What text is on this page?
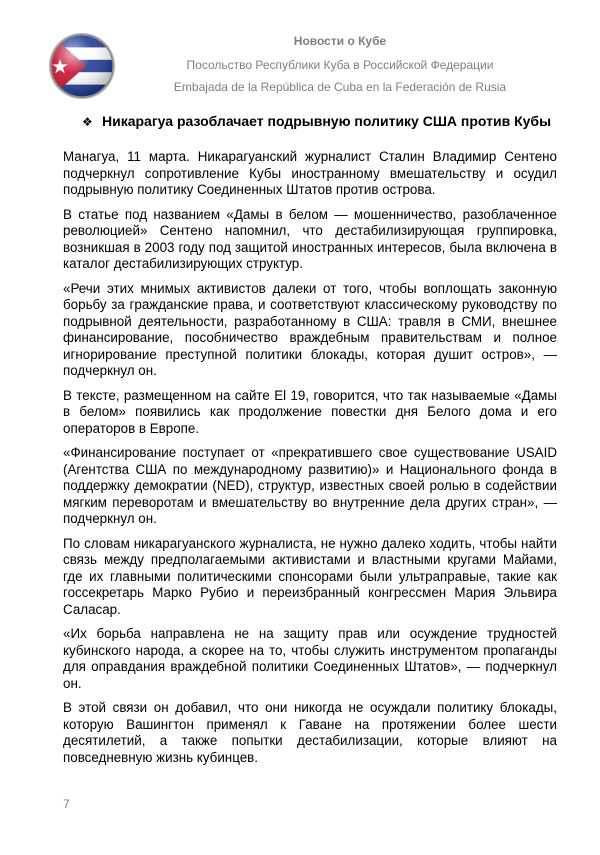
Новости о Кубе
Посольство Республики Куба в Российской Федерации
Embajada de la República de Cuba en la Federación de Rusia
❖ Никарагуа разоблачает подрывную политику США против Кубы

Манагуа, 11 марта. Никарагуанский журналист Сталин Владимир Сентено подчеркнул сопротивление Кубы иностранному вмешательству и осудил подрывную политику Соединенных Штатов против острова.

В статье под названием «Дамы в белом — мошенничество, разоблаченное революцией» Сентено напомнил, что дестабилизирующая группировка, возникшая в 2003 году под защитой иностранных интересов, была включена в каталог дестабилизирующих структур.

«Речи этих мнимых активистов далеки от того, чтобы воплощать законную борьбу за гражданские права, и соответствуют классическому руководству по подрывной деятельности, разработанному в США: травля в СМИ, внешнее финансирование, пособничество враждебным правительствам и полное игнорирование преступной политики блокады, которая душит остров», — подчеркнул он.

В тексте, размещенном на сайте El 19, говорится, что так называемые «Дамы в белом» появились как продолжение повестки дня Белого дома и его операторов в Европе.

«Финансирование поступает от «прекратившего свое существование USAID (Агентства США по международному развитию)» и Национального фонда в поддержку демократии (NED), структур, известных своей ролью в содействии мягким переворотам и вмешательству во внутренние дела других стран», — подчеркнул он.

По словам никарагуанского журналиста, не нужно далеко ходить, чтобы найти связь между предполагаемыми активистами и властными кругами Майами, где их главными политическими спонсорами были ультраправые, такие как госсекретарь Марко Рубио и переизбранный конгрессмен Мария Эльвира Саласар.

«Их борьба направлена не на защиту прав или осуждение трудностей кубинского народа, а скорее на то, чтобы служить инструментом пропаганды для оправдания враждебной политики Соединенных Штатов», — подчеркнул он.

В этой связи он добавил, что они никогда не осуждали политику блокады, которую Вашингтон применял к Гаване на протяжении более шести десятилетий, а также попытки дестабилизации, которые влияют на повседневную жизнь кубинцев.

7
